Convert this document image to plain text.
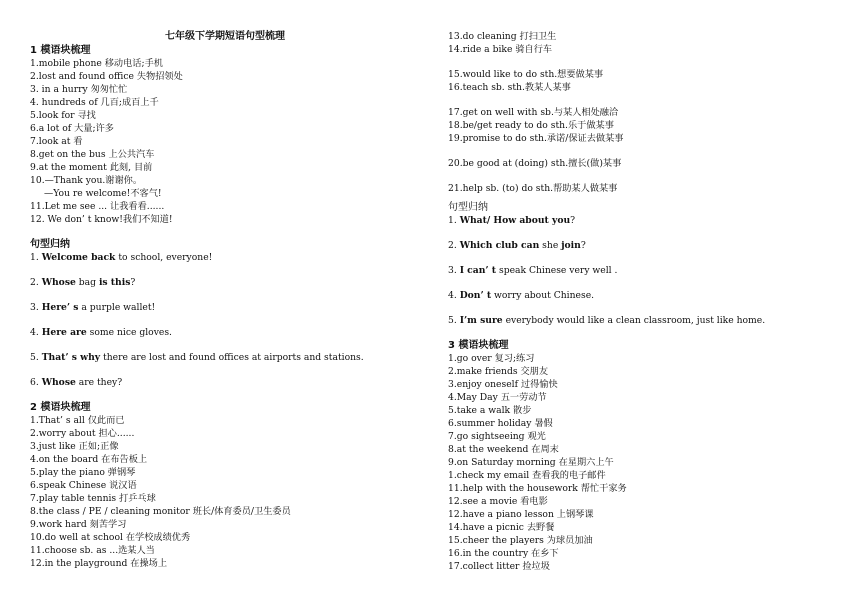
七年级下学期短语句型梳理
1 模语块梳理
1.mobile phone 移动电话;手机
2.lost and found office 失物招领处
3. in a hurry 匆匆忙忙
4. hundreds of 几百;成百上千
5.look for 寻找
6.a lot of 大量;许多
7.look at 看
8.get on the bus 上公共汽车
9.at the moment 此刻, 目前
10.—Thank you.谢谢你。
—You re welcome!不客气!
11.Let me see ... 让我看看......
12. We don’ t know!我们不知道!
句型归纳
1. Welcome back to school, everyone!
2. Whose bag is this?
3. Here’ s a purple wallet!
4. Here are some nice gloves.
5. That’ s why there are lost and found offices at airports and stations.
6. Whose are they?
2 模语块梳理
1.That’ s all 仅此而已
2.worry about 担心......
3.just like 正如;正像
4.on the board 在布告板上
5.play the piano 弹钢琴
6.speak Chinese 说汉语
7.play table tennis 打乒乓球
8.the class / PE / cleaning monitor 班长/体育委员/卫生委员
9.work hard 刻苦学习
10.do well at school 在学校成绩优秀
11.choose sb. as ...选某人当
12.in the playground 在操场上
13.do cleaning 打扫卫生
14.ride a bike 骑自行车
15.would like to do sth.想要做某事
16.teach sb. sth.教某人某事
17.get on well with sb.与某人相处融洽
18.be/get ready to do sth.乐于做某事
19.promise to do sth.承诺/保证去做某事
20.be good at (doing) sth.擅长(做)某事
21.help sb. (to) do sth.帮助某人做某事
句型归纳
1. What/ How about you?
2. Which club can she join?
3. I can’ t speak Chinese very well .
4. Don’ t worry about Chinese.
5. I’m sure everybody would like a clean classroom, just like home.
3 模语块梳理
1.go over 复习;练习
2.make friends 交朋友
3.enjoy oneself 过得愉快
4.May Day 五一劳动节
5.take a walk 散步
6.summer holiday 暑假
7.go sightseeing 观光
8.at the weekend 在周末
9.on Saturday morning 在星期六上午
1.check my email 查看我的电子邮件
11.help with the housework 帮忙干家务
12.see a movie 看电影
12.have a piano lesson 上钢琴课
14.have a picnic 去野餐
15.cheer the players 为球员加油
16.in the country 在乡下
17.collect litter 捡垃圾
